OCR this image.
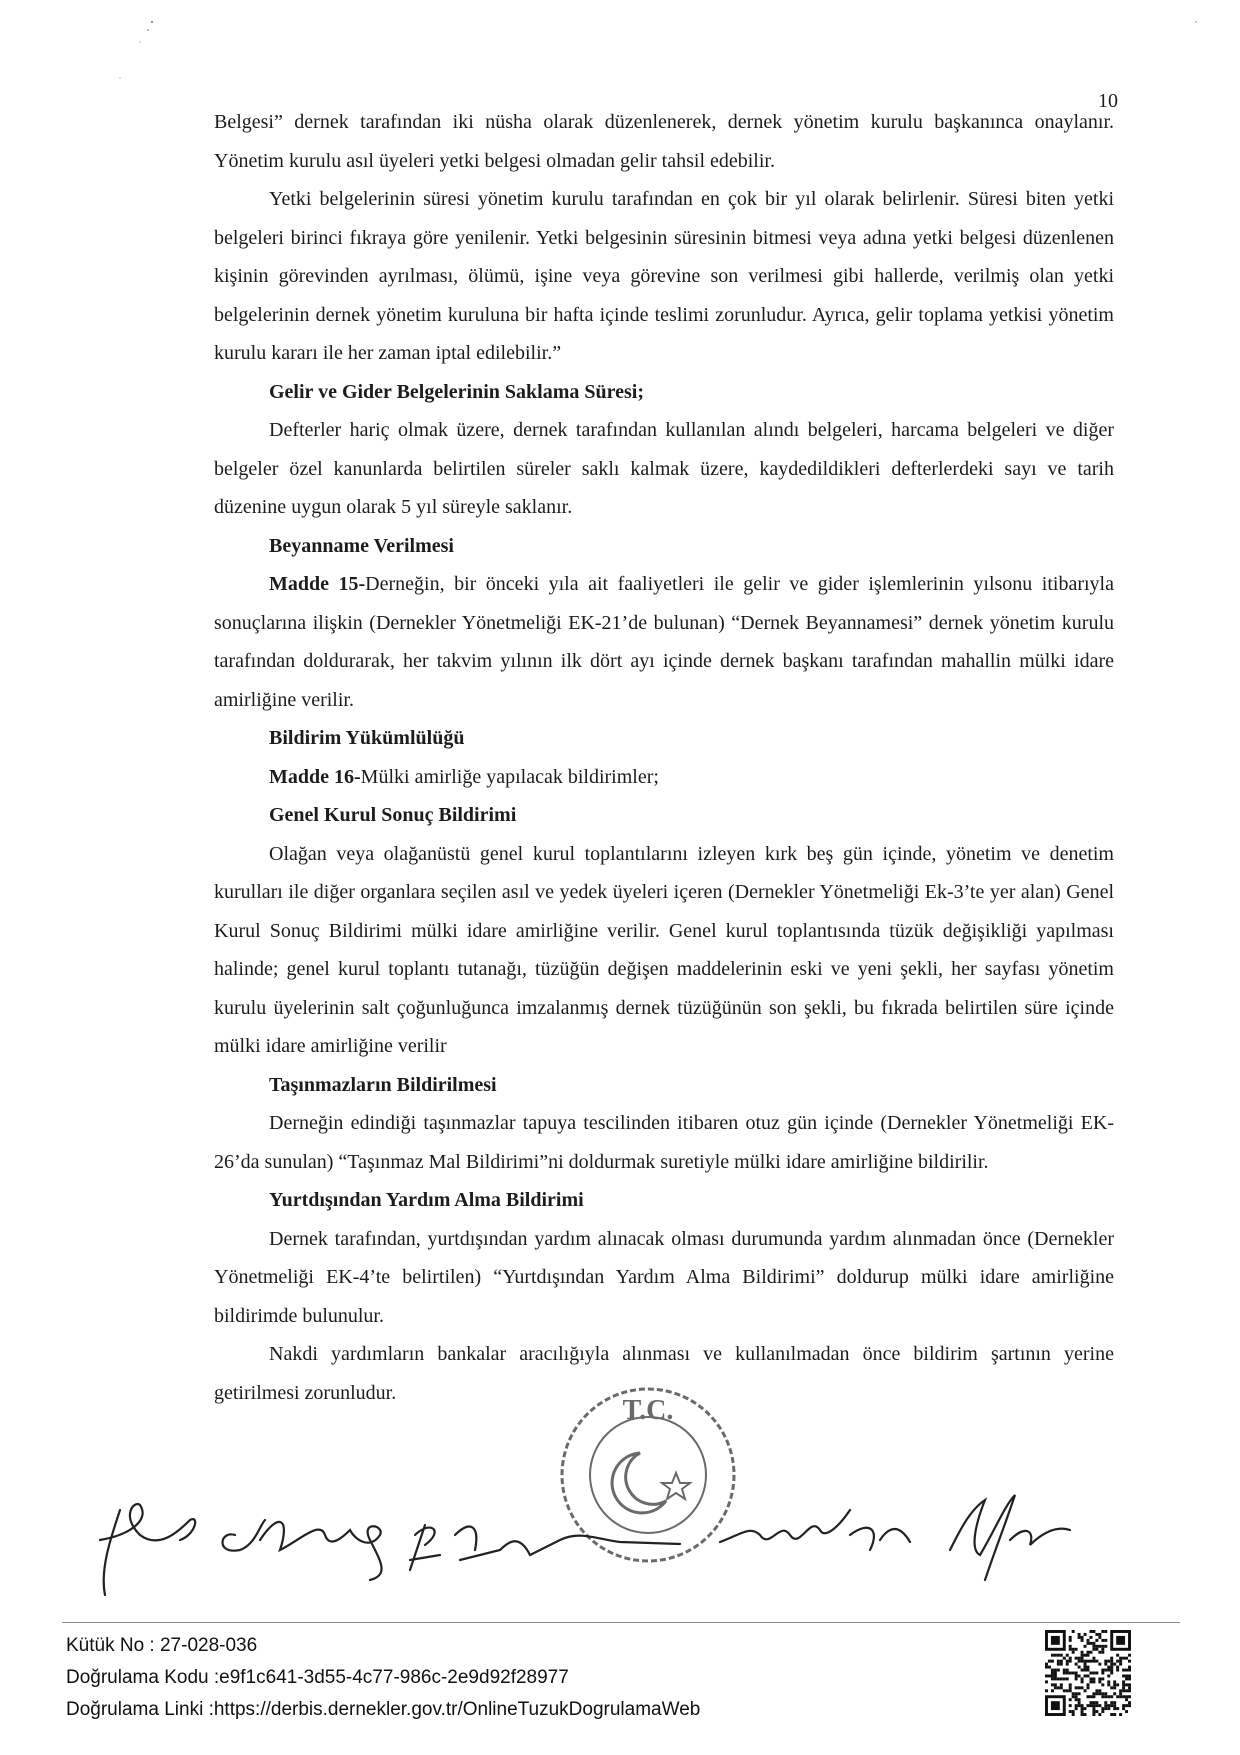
10

Belgesi” dernek tarafından iki nüsha olarak düzenlenerek, dernek yönetim kurulu başkanınca onaylanır. Yönetim kurulu asıl üyeleri yetki belgesi olmadan gelir tahsil edebilir.

Yetki belgelerinin süresi yönetim kurulu tarafından en çok bir yıl olarak belirlenir. Süresi biten yetki belgeleri birinci fıkraya göre yenilenir. Yetki belgesinin süresinin bitmesi veya adına yetki belgesi düzenlenen kişinin görevinden ayrılması, ölümü, işine veya görevine son verilmesi gibi hallerde, verilmiş olan yetki belgelerinin dernek yönetim kuruluna bir hafta içinde teslimi zorunludur. Ayrıca, gelir toplama yetkisi yönetim kurulu kararı ile her zaman iptal edilebilir.”

Gelir ve Gider Belgelerinin Saklama Süresi;

Defterler hariç olmak üzere, dernek tarafından kullanılan alındı belgeleri, harcama belgeleri ve diğer belgeler özel kanunlarda belirtilen süreler saklı kalmak üzere, kaydedildikleri defterlerdeki sayı ve tarih düzenine uygun olarak 5 yıl süreyle saklanır.

Beyanname Verilmesi

Madde 15-Derneğin, bir önceki yıla ait faaliyetleri ile gelir ve gider işlemlerinin yılsonu itibarıyla sonuçlarına ilişkin (Dernekler Yönetmeliği EK-21’de bulunan) “Dernek Beyannamesi” dernek yönetim kurulu tarafından doldurarak, her takvim yılının ilk dört ayı içinde dernek başkanı tarafından mahallin mülki idare amirliğine verilir.

Bildirim Yükümlülüğü

Madde 16-Mülki amirliğe yapılacak bildirimler;

Genel Kurul Sonuç Bildirimi

Olağan veya olağanüstü genel kurul toplantılarını izleyen kırk beş gün içinde, yönetim ve denetim kurulları ile diğer organlara seçilen asıl ve yedek üyeleri içeren (Dernekler Yönetmeliği Ek-3’te yer alan) Genel Kurul Sonuç Bildirimi mülki idare amirliğine verilir. Genel kurul toplantısında tüzük değişikliği yapılması halinde; genel kurul toplantı tutanağı, tüzüğün değişen maddelerinin eski ve yeni şekli, her sayfası yönetim kurulu üyelerinin salt çoğunluğunca imzalanmış dernek tüzüğünün son şekli, bu fıkrada belirtilen süre içinde mülki idare amirliğine verilir

Taşınmazların Bildirilmesi

Derneğin edindiği taşınmazlar tapuya tescilinden itibaren otuz gün içinde (Dernekler Yönetmeliği EK-26’da sunulan) “Taşınmaz Mal Bildirimi”ni doldurmak suretiyle mülki idare amirliğine bildirilir.

Yurtdışından Yardım Alma Bildirimi

Dernek tarafından, yurtdışından yardım alınacak olması durumunda yardım alınmadan önce (Dernekler Yönetmeliği EK-4’te belirtilen) “Yurtdışından Yardım Alma Bildirimi” doldurup mülki idare amirliğine bildirimde bulunulur.

Nakdi yardımların bankalar aracılığıyla alınması ve kullanılmadan önce bildirim şartının yerine getirilmesi zorunludur.

T.C.
Kütük No : 27-028-036
Doğrulama Kodu :e9f1c641-3d55-4c77-986c-2e9d92f28977
Doğrulama Linki :https://derbis.dernekler.gov.tr/OnlineTuzukDogrulamaWeb
